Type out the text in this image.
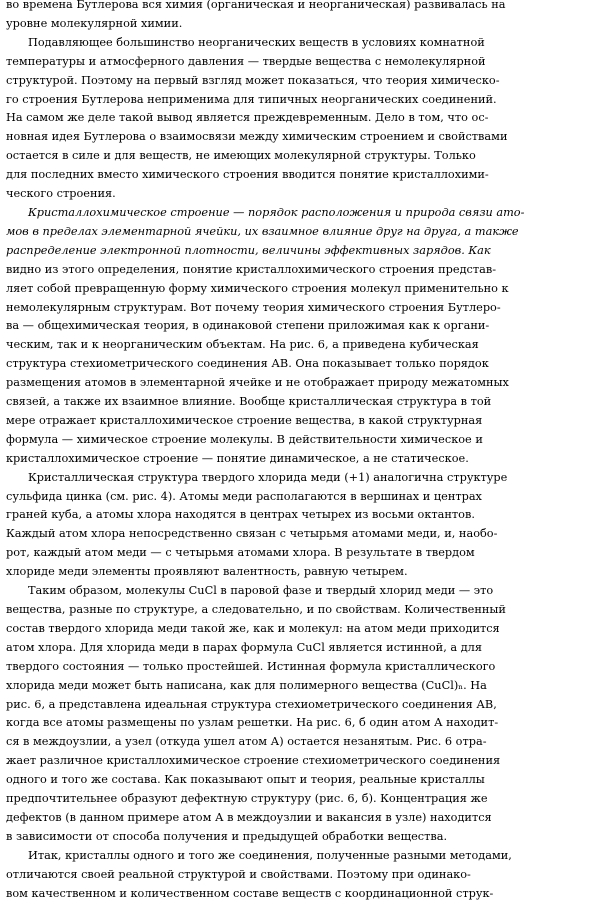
во времена Бутлерова вся химия (органическая и неорганическая) развивалась на
уровне молекулярной химии.
Подавляющее большинство неорганических веществ в условиях комнатной
температуры и атмосферного давления — твердые вещества с немолекулярной
структурой. Поэтому на первый взгляд может показаться, что теория химическо-
го строения Бутлерова неприменима для типичных неорганических соединений.
На самом же деле такой вывод является преждевременным. Дело в том, что ос-
новная идея Бутлерова о взаимосвязи между химическим строением и свойствами
остается в силе и для веществ, не имеющих молекулярной структуры. Только
для последних вместо химического строения вводится понятие кристаллохими-
ческого строения.
Кристаллохимическое строение — порядок расположения и природа связи ато-
мов в пределах элементарной ячейки, их взаимное влияние друг на друга, а также
распределение электронной плотности, величины эффективных зарядов. Как
видно из этого определения, понятие кристаллохимического строения представ-
ляет собой превращенную форму химического строения молекул применительно к
немолекулярным структурам. Вот почему теория химического строения Бутлеро-
ва — общехимическая теория, в одинаковой степени приложимая как к органи-
ческим, так и к неорганическим объектам. На рис. 6, а приведена кубическая
структура стехиометрического соединения АВ. Она показывает только порядок
размещения атомов в элементарной ячейке и не отображает природу межатомных
связей, а также их взаимное влияние. Вообще кристаллическая структура в той
мере отражает кристаллохимическое строение вещества, в какой структурная
формула — химическое строение молекулы. В действительности химическое и
кристаллохимическое строение — понятие динамическое, а не статическое.
Кристаллическая структура твердого хлорида меди (+1) аналогична структуре
сульфида цинка (см. рис. 4). Атомы меди располагаются в вершинах и центрах
граней куба, а атомы хлора находятся в центрах четырех из восьми октантов.
Каждый атом хлора непосредственно связан с четырьмя атомами меди, и, наобо-
рот, каждый атом меди — с четырьмя атомами хлора. В результате в твердом
хлориде меди элементы проявляют валентность, равную четырем.
Таким образом, молекулы CuCl в паровой фазе и твердый хлорид меди — это
вещества, разные по структуре, а следовательно, и по свойствам. Количественный
состав твердого хлорида меди такой же, как и молекул: на атом меди приходится
атом хлора. Для хлорида меди в парах формула CuCl является истинной, а для
твердого состояния — только простейшей. Истинная формула кристаллического
хлорида меди может быть написана, как для полимерного вещества (CuCl)ₙ. На
рис. 6, а представлена идеальная структура стехиометрического соединения АВ,
когда все атомы размещены по узлам решетки. На рис. 6, б один атом А находит-
ся в междоузлии, а узел (откуда ушел атом А) остается незанятым. Рис. 6 отра-
жает различное кристаллохимическое строение стехиометрического соединения
одного и того же состава. Как показывают опыт и теория, реальные кристаллы
предпочтительнее образуют дефектную структуру (рис. 6, б). Концентрация же
дефектов (в данном примере атом А в междоузлии и вакансия в узле) находится
в зависимости от способа получения и предыдущей обработки вещества.
Итак, кристаллы одного и того же соединения, полученные разными методами,
отличаются своей реальной структурой и свойствами. Поэтому при одинако-
вом качественном и количественном составе веществ с координационной струк-
